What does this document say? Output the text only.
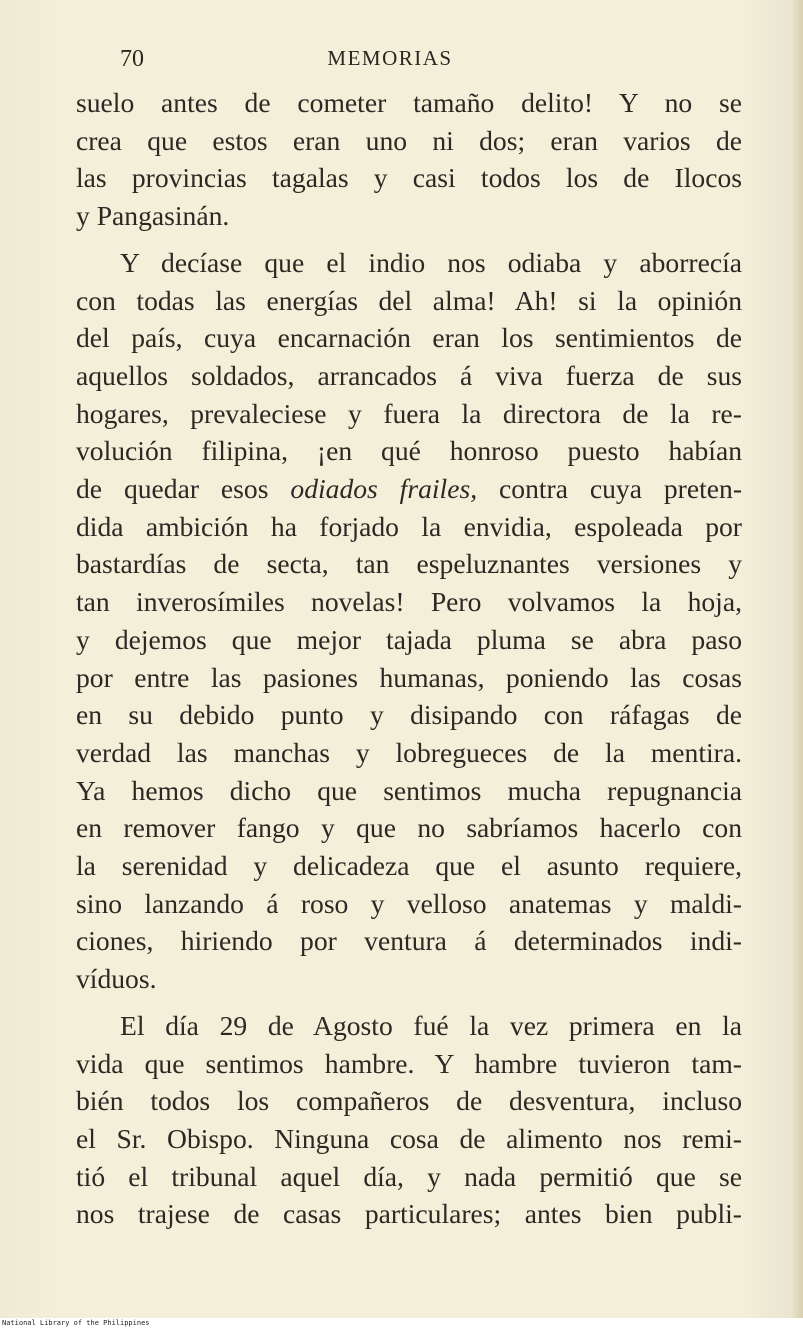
70	MEMORIAS
suelo antes de cometer tamaño delito! Y no se
crea que estos eran uno ni dos; eran varios de
las provincias tagalas y casi todos los de Ilocos
y Pangasinán.
Y decíase que el indio nos odiaba y aborrecía
con todas las energías del alma! Ah! si la opinión
del país, cuya encarnación eran los sentimientos de
aquellos soldados, arrancados á viva fuerza de sus
hogares, prevaleciese y fuera la directora de la re-
volución filipina, ¡en qué honroso puesto habían
de quedar esos odiados frailes, contra cuya preten-
dida ambición ha forjado la envidia, espoleada por
bastardías de secta, tan espeluznantes versiones y
tan inverosímiles novelas! Pero volvamos la hoja,
y dejemos que mejor tajada pluma se abra paso
por entre las pasiones humanas, poniendo las cosas
en su debido punto y disipando con ráfagas de
verdad las manchas y lobregueces de la mentira.
Ya hemos dicho que sentimos mucha repugnancia
en remover fango y que no sabríamos hacerlo con
la serenidad y delicadeza que el asunto requiere,
sino lanzando á roso y velloso anatemas y maldi-
ciones, hiriendo por ventura á determinados indi-
víduos.
El día 29 de Agosto fué la vez primera en la
vida que sentimos hambre. Y hambre tuvieron tam-
bién todos los compañeros de desventura, incluso
el Sr. Obispo. Ninguna cosa de alimento nos remi-
tió el tribunal aquel día, y nada permitió que se
nos trajese de casas particulares; antes bien publi-
National Library of the Philippines
